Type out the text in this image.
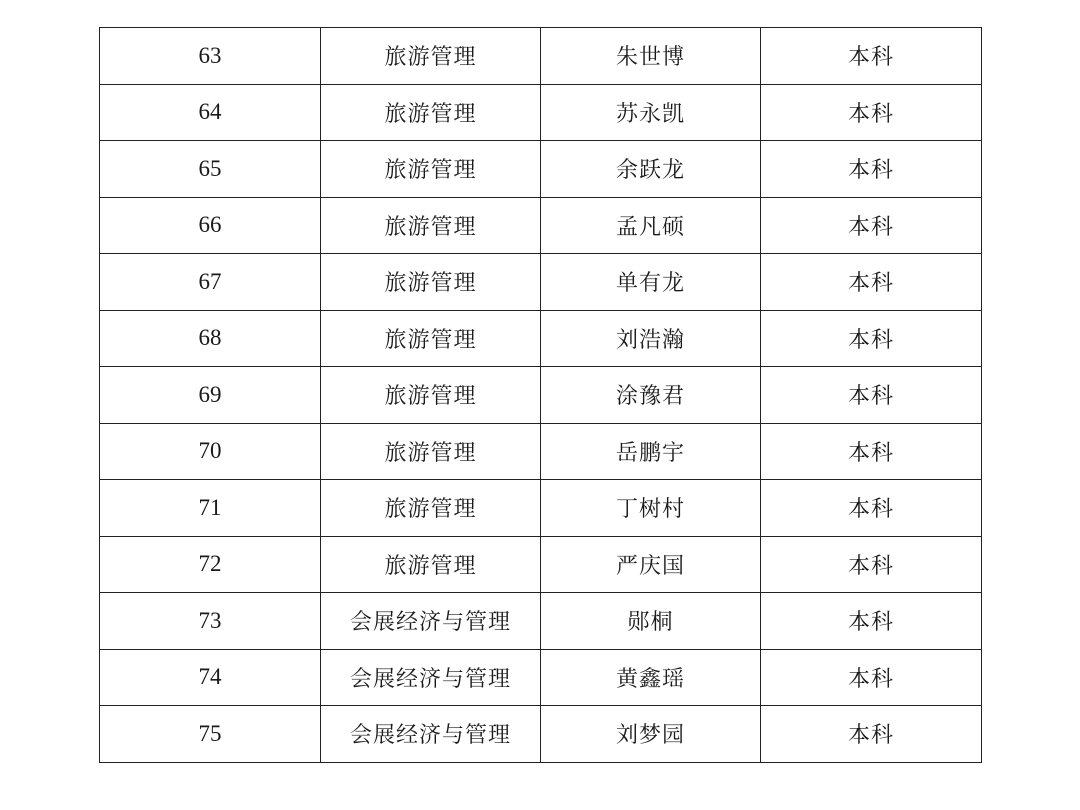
63	旅游管理	朱世博	本科
64	旅游管理	苏永凯	本科
65	旅游管理	余跃龙	本科
66	旅游管理	孟凡硕	本科
67	旅游管理	单有龙	本科
68	旅游管理	刘浩瀚	本科
69	旅游管理	涂豫君	本科
70	旅游管理	岳鹏宇	本科
71	旅游管理	丁树村	本科
72	旅游管理	严庆国	本科
73	会展经济与管理	郧桐	本科
74	会展经济与管理	黄鑫瑶	本科
75	会展经济与管理	刘梦园	本科
